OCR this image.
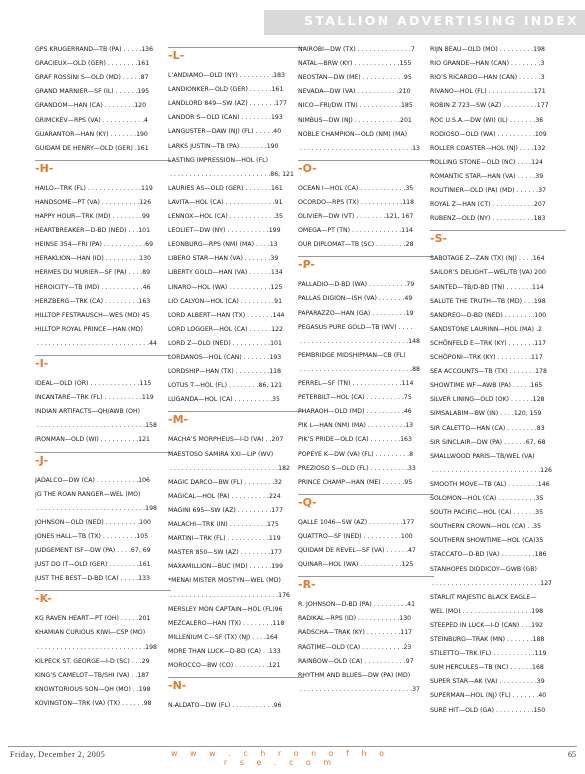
STALLION ADVERTISING INDEX
GPS KRUGERRAND—TB (PA) . . . . .136
GRACIEUX—OLD (GER) . . . . . . . .161
GRAF ROSSINI S—OLD (MD) . . . . .87
GRAND MARNIER—SF (IL) . . . . . .195
GRANDOM—HAN (CA) . . . . . . . .120
GRIMCKEV—RPS (VA) . . . . . . . . . . .4
GUARANTOR—HAN (KY) . . . . . . .190
GUIDAM DE HENRY—OLD (GER) .161
-H-
HAILO—TRK (FL) . . . . . . . . . . . . . .119
HANDSOME—PT (VA) . . . . . . . . . .126
HAPPY HOUR—TRK (MD) . . . . . . . .99
HEARTBREAKER—D-BD (NED) . . .101
HEINSE 354—FRI (PA) . . . . . . . . . . .69
HERAKLION—HAN (ID) . . . . . . . . .130
HERMES DU MURIER—SF (PA) . . . .89
HEROICITY—TB (MD) . . . . . . . . . . .46
HERZBERG—TRK (CA) . . . . . . . . .163
HILLTOP FESTRAUSCH—WES (MD) 45
HILLTOP ROYAL PRINCE—HAN (MD)
. . . . . . . . . . . . . . . . . . . . . . . . . . . . .44
-I-
IDEAL—OLD (OR) . . . . . . . . . . . . .115
INCANTARE—TRK (FL) . . . . . . . . . .119
INDIAN ARTIFACTS—QH/AWB (OH)
. . . . . . . . . . . . . . . . . . . . . . . . . . . .158
IRONMAN—OLD (WI) . . . . . . . . . .121
-J-
JADALCO—DW (CA) . . . . . . . . . . .106
JG THE ROAN RANGER—WEL (MO)
. . . . . . . . . . . . . . . . . . . . . . . . . . . .198
JOHNSON—OLD (NED) . . . . . . . . .100
JONES HALL—TB (TX) . . . . . . . . .105
JUDGEMENT ISF—DW (PA) . . . .67, 69
JUST DO IT—OLD (GER) . . . . . . . .161
JUST THE BEST—D-BD (CA) . . . . .133
-K-
KG RAVEN HEART—PT (OH) . . . . .201
KHAMIAN CURIOUS KIWI—CSP (MO)
. . . . . . . . . . . . . . . . . . . . . . . . . . . .198
KILPECK ST. GEORGE—I-D (SC) . . .29
KING’S CAMELOT—TB/SHI (VA) . .187
KNOWTORIOUS SON—QH (MO) . .198
KOVINGTON—TRK (VA) (TX) . . . . . .98
-L-
L’ANDIAMO—OLD (NY) . . . . . . . . .183
LANDIONKER—OLD (GER) . . . . . .161
LANDLORD 849—SW (AZ) . . . . . . .177
LANDOR S—OLD (CAN) . . . . . . . .193
LANGUSTER—DAW (NJ) (FL) . . . . .40
LARKS JUSTIN—TB (PA) . . . . . . .190
LASTING IMPRESSION—HOL (FL)
. . . . . . . . . . . . . . . . . . . . . . . . . .86, 121
LAURIES AS—OLD (GER) . . . . . . .161
LAVITA—HOL (CA) . . . . . . . . . . . . .91
LENNOX—HOL (CA) . . . . . . . . . . . .35
LEOLIET—DW (NY) . . . . . . . . . . .199
LEONBURG—RPS (NM) (MA) . . . .13
LIBERO STAR—HAN (VA) . . . . . . .39
LIBERTY GOLD—HAN (VA) . . . . . .134
LINARO—HOL (WA) . . . . . . . . . . .125
LIO CALYON—HOL (CA) . . . . . . . . .91
LORD ALBERT—HAN (TX) . . . . . . .144
LORD LOGGER—HOL (CA) . . . . . .122
LORD Z—OLD (NED) . . . . . . . . . .101
LORDANOS—HOL (CAN) . . . . . . .193
LORDSHIP—HAN (TX) . . . . . . . . .118
LOTUS T—HOL (FL) . . . . . . . .86, 121
LUGANDA—HOL (CA) . . . . . . . . . .35
-M-
MACHA’S MORPHEUS—I-D (VA) . .207
MAESTOSO SAMIRA XXI—LIP (WV)
. . . . . . . . . . . . . . . . . . . . . . . . . . . .182
MAGIC DARCO—BW (FL) . . . . . . . .32
MAGICAL—HOL (PA) . . . . . . . . . .224
MAGINI 695—SW (AZ) . . . . . . . . .177
MALACHI—TRK (IN) . . . . . . . . . .175
MARTINI—TRK (FL) . . . . . . . . . . .119
MASTER 850—SW (AZ) . . . . . . . .177
MAXAMILLION—BUC (MD) . . . . . .199
*MENAI MISTER MOSTYN—WEL (MD)
. . . . . . . . . . . . . . . . . . . . . . . . . . . .176
MERSLEY MON CAPTAIN—HOL (FL)96
MEZCALERO—HAN (TX) . . . . . . . .118
MILLENIUM C—SF (TX) (NJ) . . . .164
MORE THAN LUCK—D-BD (CA) . .133
MOROCCO—BW (CO) . . . . . . . . .121
-N-
N-ALDATO—DW (FL) . . . . . . . . . . .96
NAIROBI—DW (TX) . . . . . . . . . . . . . .7
NATAL—BRW (KY) . . . . . . . . . . . .155
NEOSTAN—DW (ME) . . . . . . . . . . .95
NEVADA—DW (VA) . . . . . . . . . . .210
NICO—FRI/DW (TN) . . . . . . . . . . .185
NIMBUS—DW (NJ) . . . . . . . . . . . .201
NOBLE CHAMPION—OLD (NM) (MA)
. . . . . . . . . . . . . . . . . . . . . . . . . . . . .13
-O-
OCEAN I—HOL (CA) . . . . . . . . . . . .35
OCORDO—RPS (TX) . . . . . . . . . . .118
OLIVIER—DW (VT) . . . . . . . .121, 167
OMEGA—PT (TN) . . . . . . . . . . . . .114
OUR DIPLOMAT—TB (SC) . . . . . . . .28
-P-
PALLADIO—D-BD (WA) . . . . . . . . . .79
PALLAS DIGION—ISH (VA) . . . . . . .49
PAPARAZZO—HAN (GA) . . . . . . . . .19
PEGASUS PURE GOLD—TB (WV) . . . .
. . . . . . . . . . . . . . . . . . . . . . . . . . . .148
PEMBRIDGE MIDSHIPMAN—CB (FL)
. . . . . . . . . . . . . . . . . . . . . . . . . . . . .88
PERREL—SF (TN) . . . . . . . . . . . . .114
PETERBILT—HOL (CA) . . . . . . . . . .75
PHARAOH—OLD (MD) . . . . . . . . . .46
PIK L—HAN (NM) (MA) . . . . . . . . . .13
PIK’S PRIDE—OLD (CA) . . . . . . . .163
POPEYE K—DW (VA) (FL) . . . . . . . . .8
PREZIOSO S—OLD (FL) . . . . . . . . . .33
PRINCE CHAMP—HAN (ME) . . . . . .95
-Q-
QALLE 1046—SW (AZ) . . . . . . . . .177
QUATTRO—SF (NED) . . . . . . . . . .100
QUIDAM DE REVEL—SF (VA) . . . . . .47
QUINAR—HOL (WA) . . . . . . . . . . .125
-R-
R. JOHNSON—D-BD (PA) . . . . . . . . .41
RADIKAL—RPS (ID) . . . . . . . . . . .130
RADSCHA—TRAK (KY) . . . . . . . . .117
RAGTIME—OLD (CA) . . . . . . . . . . .23
RAINBOW—OLD (CA) . . . . . . . . . . .97
RHYTHM AND BLUES—DW (PA) (MD)
. . . . . . . . . . . . . . . . . . . . . . . . . . . . .37
RIJN BEAU—OLD (MO) . . . . . . . . .198
RIO GRANDE—HAN (CAN) . . . . . . . .3
RIO’S RICARDO—HAN (CAN) . . . . . .3
RIVANO—HOL (FL) . . . . . . . . . . . .171
ROBIN Z 723—SW (AZ) . . . . . . . . .177
ROC U.S.A.—DW (WI) (IL) . . . . . . .36
RODIOSO—OLD (WA) . . . . . . . . . .109
ROLLER COASTER—HOL (NJ) . . . .132
ROLLING STONE—OLD (NC) . . . .124
ROMANTIC STAR—HAN (VA) . . . . .39
ROUTINIER—OLD (PA) (MD) . . . . . .37
ROYAL Z—HAN (CT) . . . . . . . . . . .207
RUBENZ—OLD (NY) . . . . . . . . . . .183
-S-
SABOTAGE Z—ZAN (TX) (NJ) . . . .164
SAILOR’S DELIGHT—WEL/TB (VA) 200
SAINTED—TB/D-BD (TN) . . . . . . .114
SALUTE THE TRUTH—TB (MD) . . .198
SANDREO—D-BD (NED) . . . . . . . .100
SANDSTONE LAURINN—HOL (MA) .2
SCHÖNFELD E—TRK (KY) . . . . . . .117
SCHÖPONI—TRK (KY) . . . . . . . . .117
SEA ACCOUNTS—TB (TX) . . . . . . .178
SHOWTIME WF—AWB (PA) . . . . .165
SILVER LINING—OLD (OK) . . . . . .128
SIMSALABIM—BW (IN) . . . .120, 159
SIR CALETTO—HAN (CA) . . . . . . . .83
SIR SINCLAIR—DW (PA) . . . . . .67, 68
SMALLWOOD PARIS—TB/WEL (VA)
. . . . . . . . . . . . . . . . . . . . . . . . . . . .126
SMOOTH MOVE—TB (AL) . . . . . . . .146
SOLOMON—HOL (CA) . . . . . . . . . .35
SOUTH PACIFIC—HOL (CA) . . . . . .35
SOUTHERN CROWN—HOL (CA) . .35
SOUTHERN SHOWTIME—HOL (CA)35
STACCATO—D-BD (VA) . . . . . . . . .186
STANHOPES DIDDICOY—GWB (GB)
. . . . . . . . . . . . . . . . . . . . . . . . . . . .127
STARLIT MAJESTIC BLACK EAGLE—
WEL (MO) . . . . . . . . . . . . . . . . . .198
STEEPED IN LUCK—I-D (CAN) . . .192
STEINBURG—TRAK (MN) . . . . . . .188
STILETTO—TRK (FL) . . . . . . . . . . .119
SUM HERCULES—TB (NC) . . . . . .168
SUPER STAR—AK (VA) . . . . . . . . . .39
SUPERMAN—HOL (NJ) (FL) . . . . . . .40
SURE HIT—OLD (GA) . . . . . . . . . .150
Friday, December 2, 2005	w w w . c h r o n o f h o r s e . c o m
65
